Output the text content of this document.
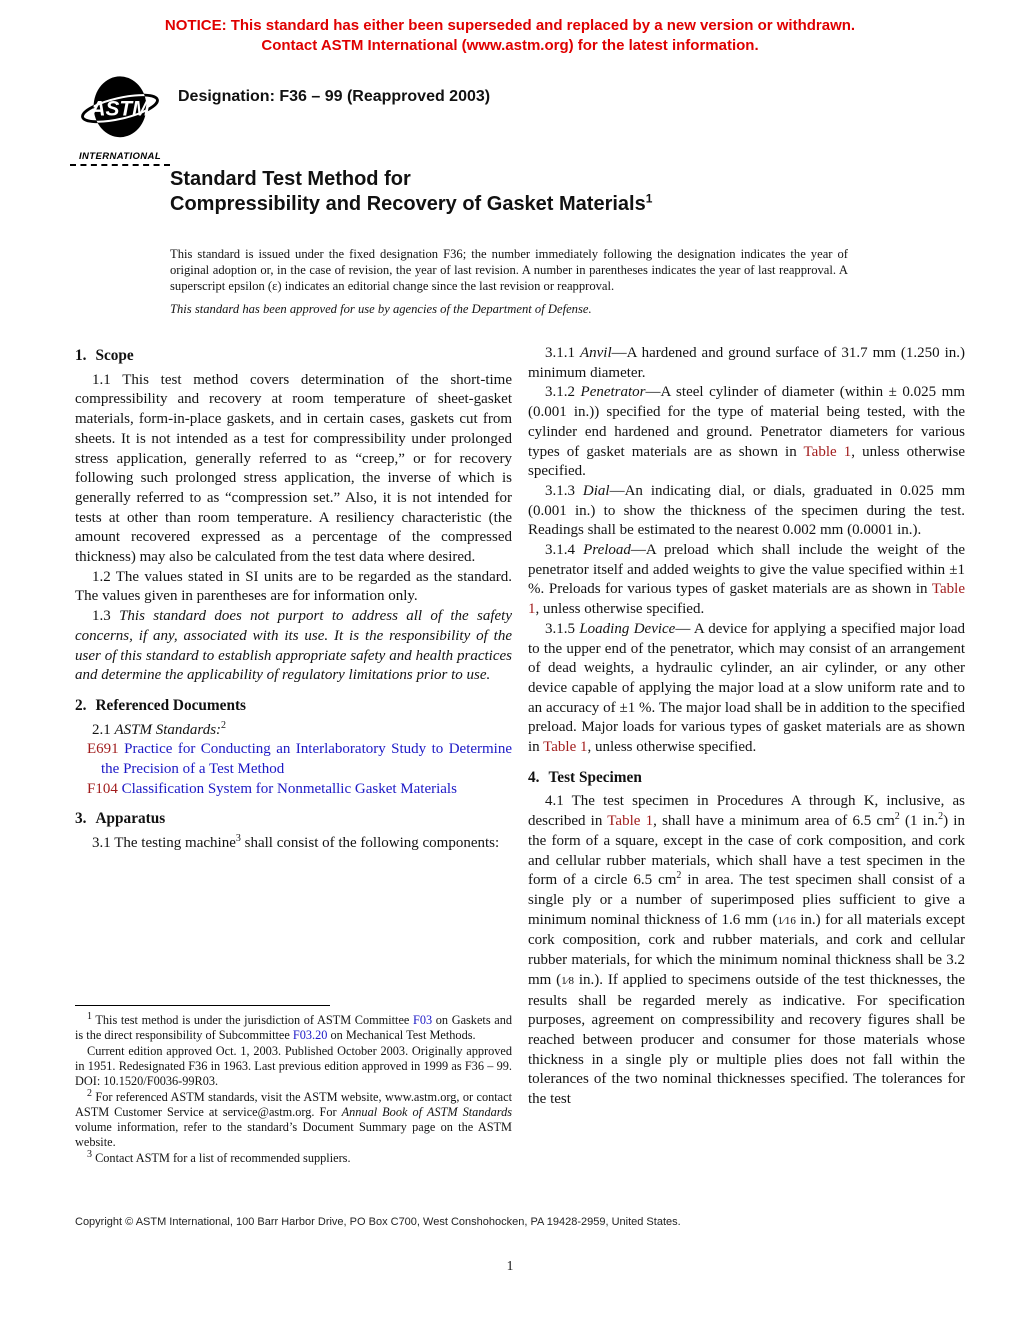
NOTICE: This standard has either been superseded and replaced by a new version or withdrawn.
Contact ASTM International (www.astm.org) for the latest information.
ASTM
INTERNATIONAL
Designation: F36 – 99 (Reapproved 2003)
Standard Test Method for
Compressibility and Recovery of Gasket Materials$^1$
This standard is issued under the fixed designation F36; the number immediately following the designation indicates the year of original adoption or, in the case of revision, the year of last revision. A number in parentheses indicates the year of last reapproval. A superscript epsilon (ε) indicates an editorial change since the last revision or reapproval.
This standard has been approved for use by agencies of the Department of Defense.
1. Scope

1.1 This test method covers determination of the short-time compressibility and recovery at room temperature of sheet-gasket materials, form-in-place gaskets, and in certain cases, gaskets cut from sheets. It is not intended as a test for compressibility under prolonged stress application, generally referred to as “creep,” or for recovery following such prolonged stress application, the inverse of which is generally referred to as “compression set.” Also, it is not intended for tests at other than room temperature. A resiliency characteristic (the amount recovered expressed as a percentage of the compressed thickness) may also be calculated from the test data where desired.

1.2 The values stated in SI units are to be regarded as the standard. The values given in parentheses are for information only.

1.3 This standard does not purport to address all of the safety concerns, if any, associated with its use. It is the responsibility of the user of this standard to establish appropriate safety and health practices and determine the applicability of regulatory limitations prior to use.

2. Referenced Documents

2.1 ASTM Standards:$^2$

E691 Practice for Conducting an Interlaboratory Study to Determine the Precision of a Test Method

F104 Classification System for Nonmetallic Gasket Materials

3. Apparatus

3.1 The testing machine$^3$ shall consist of the following components:

$^1$ This test method is under the jurisdiction of ASTM Committee F03 on Gaskets and is the direct responsibility of Subcommittee F03.20 on Mechanical Test Methods.

Current edition approved Oct. 1, 2003. Published October 2003. Originally approved in 1951. Redesignated F36 in 1963. Last previous edition approved in 1999 as F36 – 99. DOI: 10.1520/F0036-99R03.

$^2$ For referenced ASTM standards, visit the ASTM website, www.astm.org, or contact ASTM Customer Service at service@astm.org. For Annual Book of ASTM Standards volume information, refer to the standard’s Document Summary page on the ASTM website.

$^3$ Contact ASTM for a list of recommended suppliers.

3.1.1 Anvil—A hardened and ground surface of 31.7 mm (1.250 in.) minimum diameter.

3.1.2 Penetrator—A steel cylinder of diameter (within ± 0.025 mm (0.001 in.)) specified for the type of material being tested, with the cylinder end hardened and ground. Penetrator diameters for various types of gasket materials are as shown in Table 1, unless otherwise specified.

3.1.3 Dial—An indicating dial, or dials, graduated in 0.025 mm (0.001 in.) to show the thickness of the specimen during the test. Readings shall be estimated to the nearest 0.002 mm (0.0001 in.).

3.1.4 Preload—A preload which shall include the weight of the penetrator itself and added weights to give the value specified within ±1 %. Preloads for various types of gasket materials are as shown in Table 1, unless otherwise specified.

3.1.5 Loading Device— A device for applying a specified major load to the upper end of the penetrator, which may consist of an arrangement of dead weights, a hydraulic cylinder, an air cylinder, or any other device capable of applying the major load at a slow uniform rate and to an accuracy of ±1 %. The major load shall be in addition to the specified preload. Major loads for various types of gasket materials are as shown in Table 1, unless otherwise specified.

4. Test Specimen

4.1 The test specimen in Procedures A through K, inclusive, as described in Table 1, shall have a minimum area of 6.5 $cm^2$ (1 in.$^2$) in the form of a square, except in the case of cork composition, and cork and cellular rubber materials, which shall have a test specimen in the form of a circle 6.5 $cm^2$ in area. The test specimen shall consist of a single ply or a number of superimposed plies sufficient to give a minimum nominal thickness of 1.6 mm (1⁄16 in.) for all materials except cork composition, cork and rubber materials, and cork and cellular rubber materials, for which the minimum nominal thickness shall be 3.2 mm (1⁄8 in.). If applied to specimens outside of the test thicknesses, the results shall be regarded merely as indicative. For specification purposes, agreement on compressibility and recovery figures shall be reached between producer and consumer for those materials whose thickness in a single ply or multiple plies does not fall within the tolerances of the two nominal thicknesses specified. The tolerances for the test

Copyright © ASTM International, 100 Barr Harbor Drive, PO Box C700, West Conshohocken, PA 19428-2959, United States.
1
